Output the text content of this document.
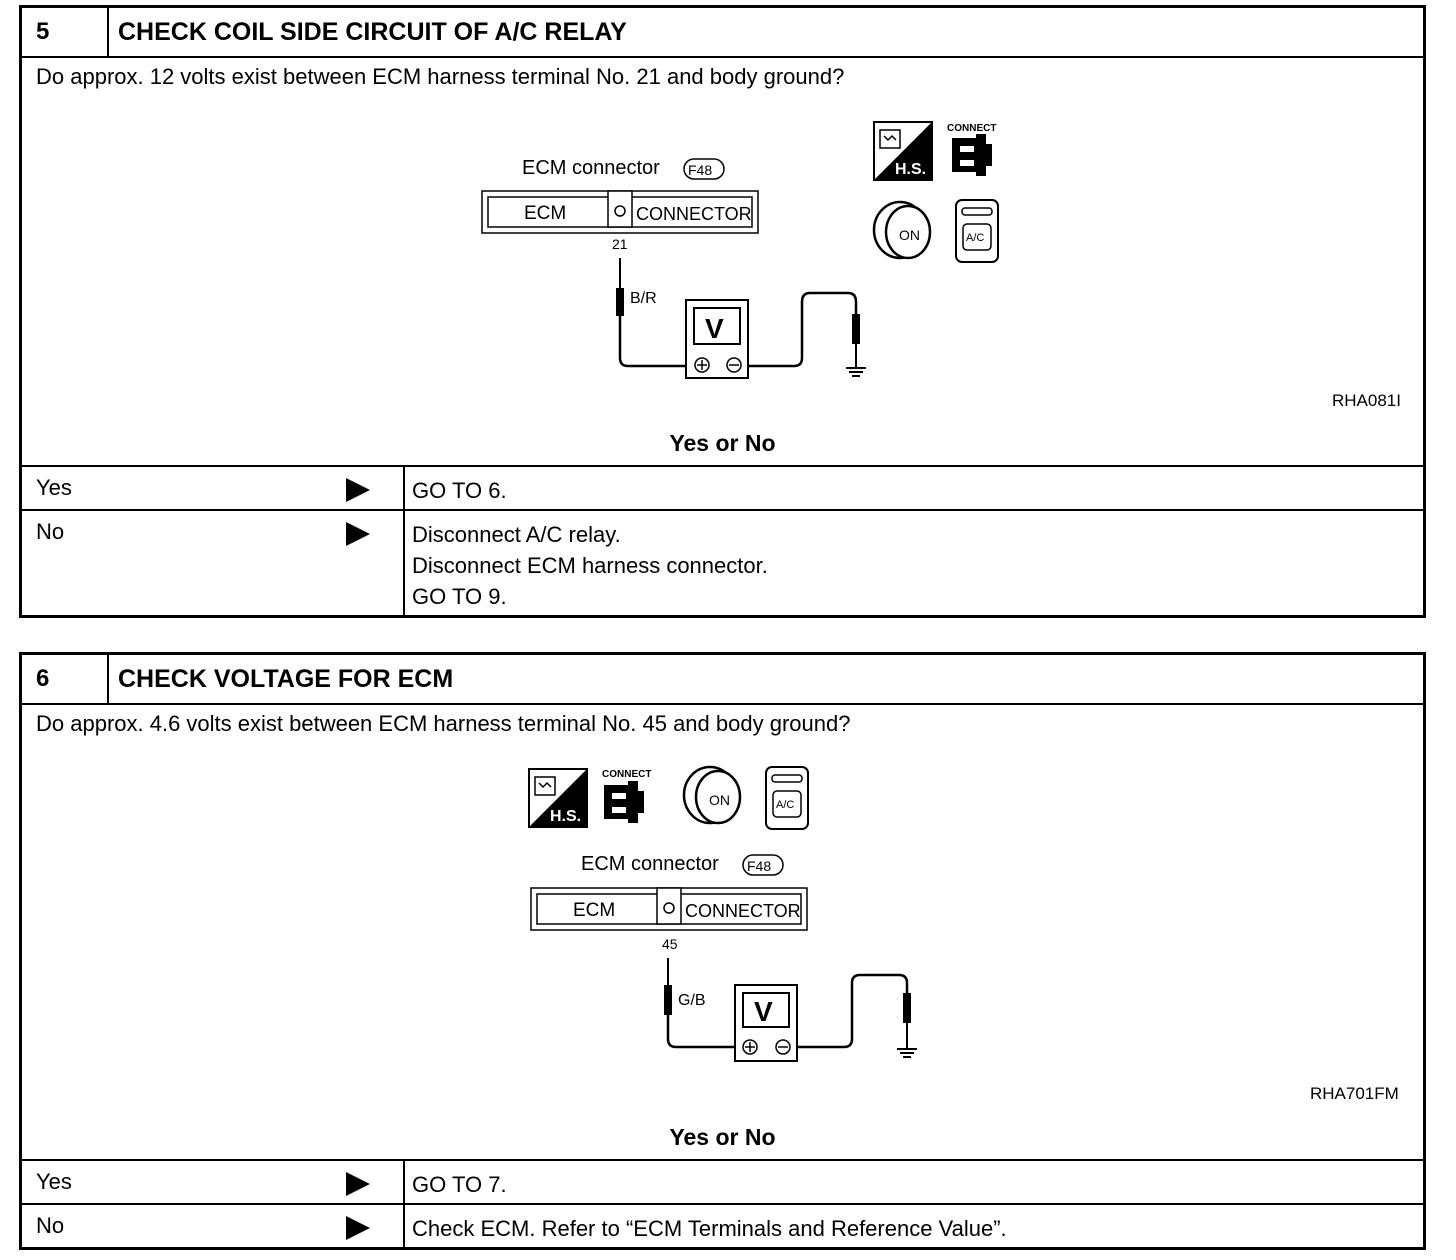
5	CHECK COIL SIDE CIRCUIT OF A/C RELAY
Do approx. 12 volts exist between ECM harness terminal No. 21 and body ground?
H.S.
CONNECT
ON	A/C
ECM connector F48
ECM	CONNECTOR
21
B/R
V
RHA081I
Yes or No
Yes	GO TO 6.
No	Disconnect A/C relay.
Disconnect ECM harness connector.
GO TO 9.
6	CHECK VOLTAGE FOR ECM
Do approx. 4.6 volts exist between ECM harness terminal No. 45 and body ground?
H.S.
CONNECT
ON	A/C
ECM connector F48
ECM	CONNECTOR
45
G/B V
RHA701FM
Yes or No
Yes	GO TO 7.
No	Check ECM. Refer to “ECM Terminals and Reference Value”.
